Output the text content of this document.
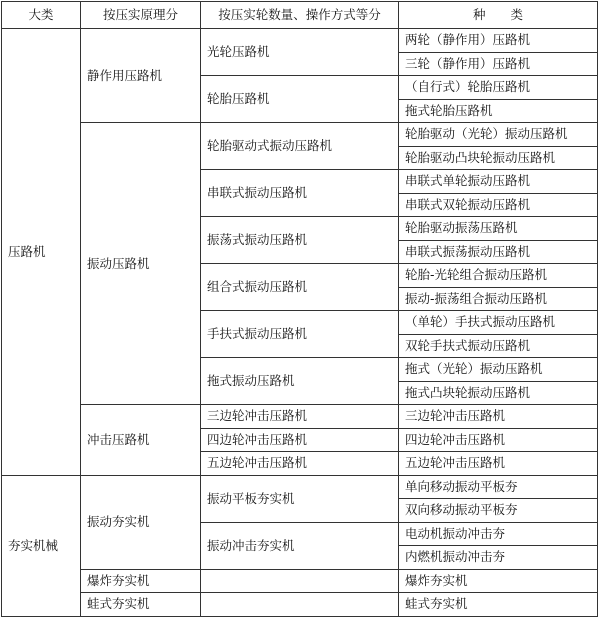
大类	按压实原理分	按压实轮数量、操作方式等分	种　　类
压路机	静作用压路机	光轮压路机	两轮（静作用）压路机
			三轮（静作用）压路机
		轮胎压路机	（自行式）轮胎压路机
			拖式轮胎压路机
	振动压路机	轮胎驱动式振动压路机	轮胎驱动（光轮）振动压路机
			轮胎驱动凸块轮振动压路机
		串联式振动压路机	串联式单轮振动压路机
			串联式双轮振动压路机
		振荡式振动压路机	轮胎驱动振荡压路机
			串联式振荡振动压路机
		组合式振动压路机	轮胎-光轮组合振动压路机
			振动-振荡组合振动压路机
		手扶式振动压路机	（单轮）手扶式振动压路机
			双轮手扶式振动压路机
		拖式振动压路机	拖式（光轮）振动压路机
			拖式凸块轮振动压路机
	冲击压路机	三边轮冲击压路机	三边轮冲击压路机
		四边轮冲击压路机	四边轮冲击压路机
		五边轮冲击压路机	五边轮冲击压路机
夯实机械	振动夯实机	振动平板夯实机	单向移动振动平板夯
			双向移动振动平板夯
		振动冲击夯实机	电动机振动冲击夯
			内燃机振动冲击夯
	爆炸夯实机		爆炸夯实机
	蛙式夯实机		蛙式夯实机
